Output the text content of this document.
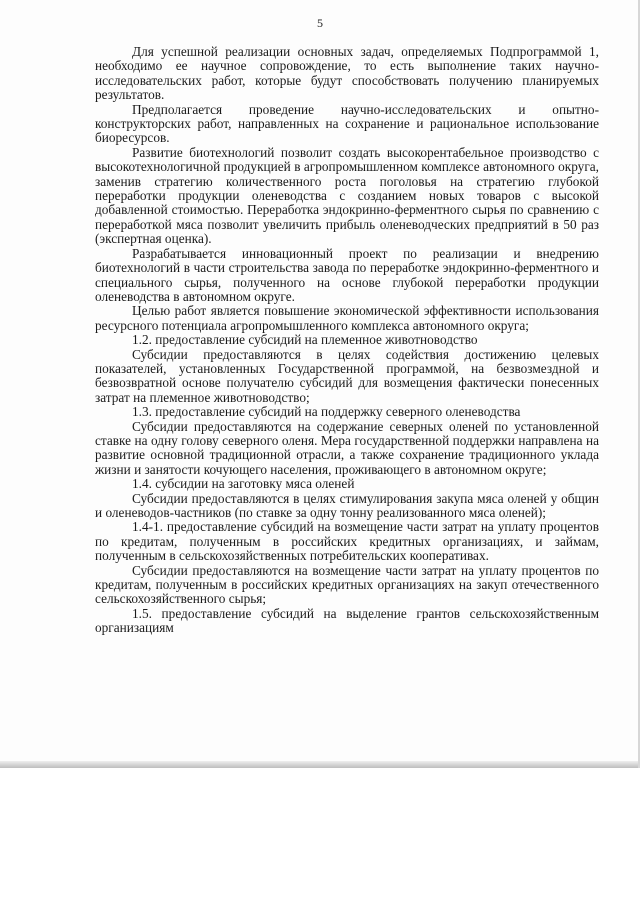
5

Для успешной реализации основных задач, определяемых Подпрограммой 1, необходимо ее научное сопровождение, то есть выполнение таких научно-исследовательских работ, которые будут способствовать получению планируемых результатов.

Предполагается проведение научно-исследовательских и опытно-конструкторских работ, направленных на сохранение и рациональное использование биоресурсов.

Развитие биотехнологий позволит создать высокорентабельное производство с высокотехнологичной продукцией в агропромышленном комплексе автономного округа, заменив стратегию количественного роста поголовья на стратегию глубокой переработки продукции оленеводства с созданием новых товаров с высокой добавленной стоимостью. Переработка эндокринно-ферментного сырья по сравнению с переработкой мяса позволит увеличить прибыль оленеводческих предприятий в 50 раз (экспертная оценка).

Разрабатывается инновационный проект по реализации и внедрению биотехнологий в части строительства завода по переработке эндокринно-ферментного и специального сырья, полученного на основе глубокой переработки продукции оленеводства в автономном округе.

Целью работ является повышение экономической эффективности использования ресурсного потенциала агропромышленного комплекса автономного округа;

1.2. предоставление субсидий на племенное животноводство

Субсидии предоставляются в целях содействия достижению целевых показателей, установленных Государственной программой, на безвозмездной и безвозвратной основе получателю субсидий для возмещения фактически понесенных затрат на племенное животноводство;

1.3. предоставление субсидий на поддержку северного оленеводства

Субсидии предоставляются на содержание северных оленей по установленной ставке на одну голову северного оленя. Мера государственной поддержки направлена на развитие основной традиционной отрасли, а также сохранение традиционного уклада жизни и занятости кочующего населения, проживающего в автономном округе;

1.4. субсидии на заготовку мяса оленей

Субсидии предоставляются в целях стимулирования закупа мяса оленей у общин и оленеводов-частников (по ставке за одну тонну реализованного мяса оленей);

1.4-1. предоставление субсидий на возмещение части затрат на уплату процентов по кредитам, полученным в российских кредитных организациях, и займам, полученным в сельскохозяйственных потребительских кооперативах.

Субсидии предоставляются на возмещение части затрат на уплату процентов по кредитам, полученным в российских кредитных организациях на закуп отечественного сельскохозяйственного сырья;

1.5. предоставление субсидий на выделение грантов сельскохозяйственным организациям
